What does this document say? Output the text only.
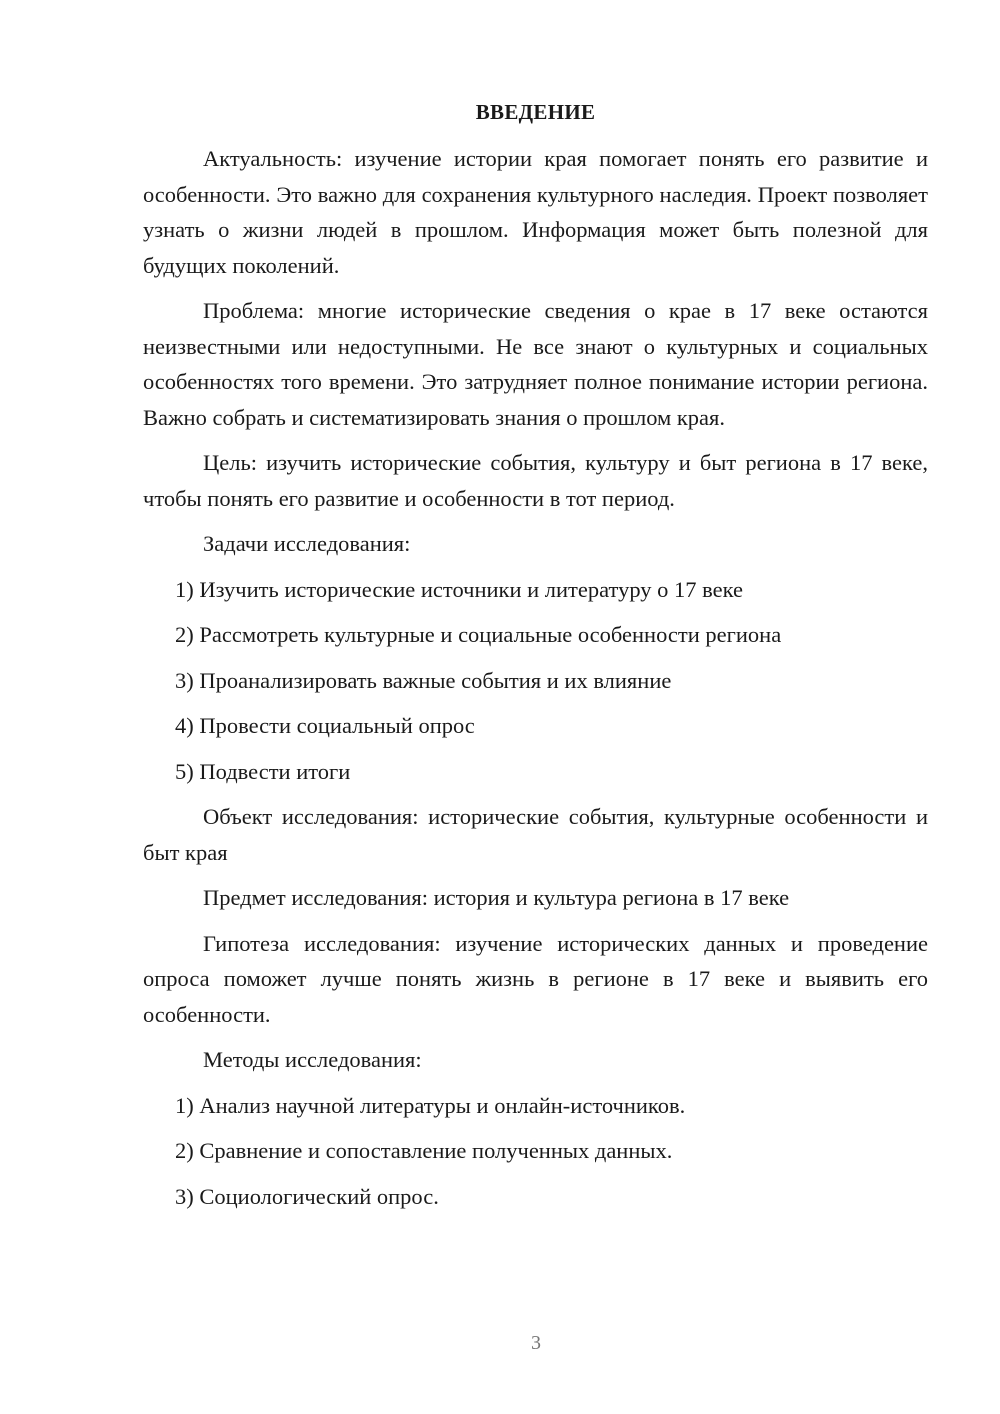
ВВЕДЕНИЕ

Актуальность: изучение истории края помогает понять его развитие и особенности. Это важно для сохранения культурного наследия. Проект позволяет узнать о жизни людей в прошлом. Информация может быть полезной для будущих поколений.

Проблема: многие исторические сведения о крае в 17 веке остаются неизвестными или недоступными. Не все знают о культурных и социальных особенностях того времени. Это затрудняет полное понимание истории региона. Важно собрать и систематизировать знания о прошлом края.

Цель: изучить исторические события, культуру и быт региона в 17 веке, чтобы понять его развитие и особенности в тот период.

Задачи исследования:
1) Изучить исторические источники и литературу о 17 веке
2) Рассмотреть культурные и социальные особенности региона
3) Проанализировать важные события и их влияние
4) Провести социальный опрос
5) Подвести итоги

Объект исследования: исторические события, культурные особенности и быт края

Предмет исследования: история и культура региона в 17 веке

Гипотеза исследования: изучение исторических данных и проведение опроса поможет лучше понять жизнь в регионе в 17 веке и выявить его особенности.

Методы исследования:
1) Анализ научной литературы и онлайн-источников.
2) Сравнение и сопоставление полученных данных.
3) Социологический опрос.
3
